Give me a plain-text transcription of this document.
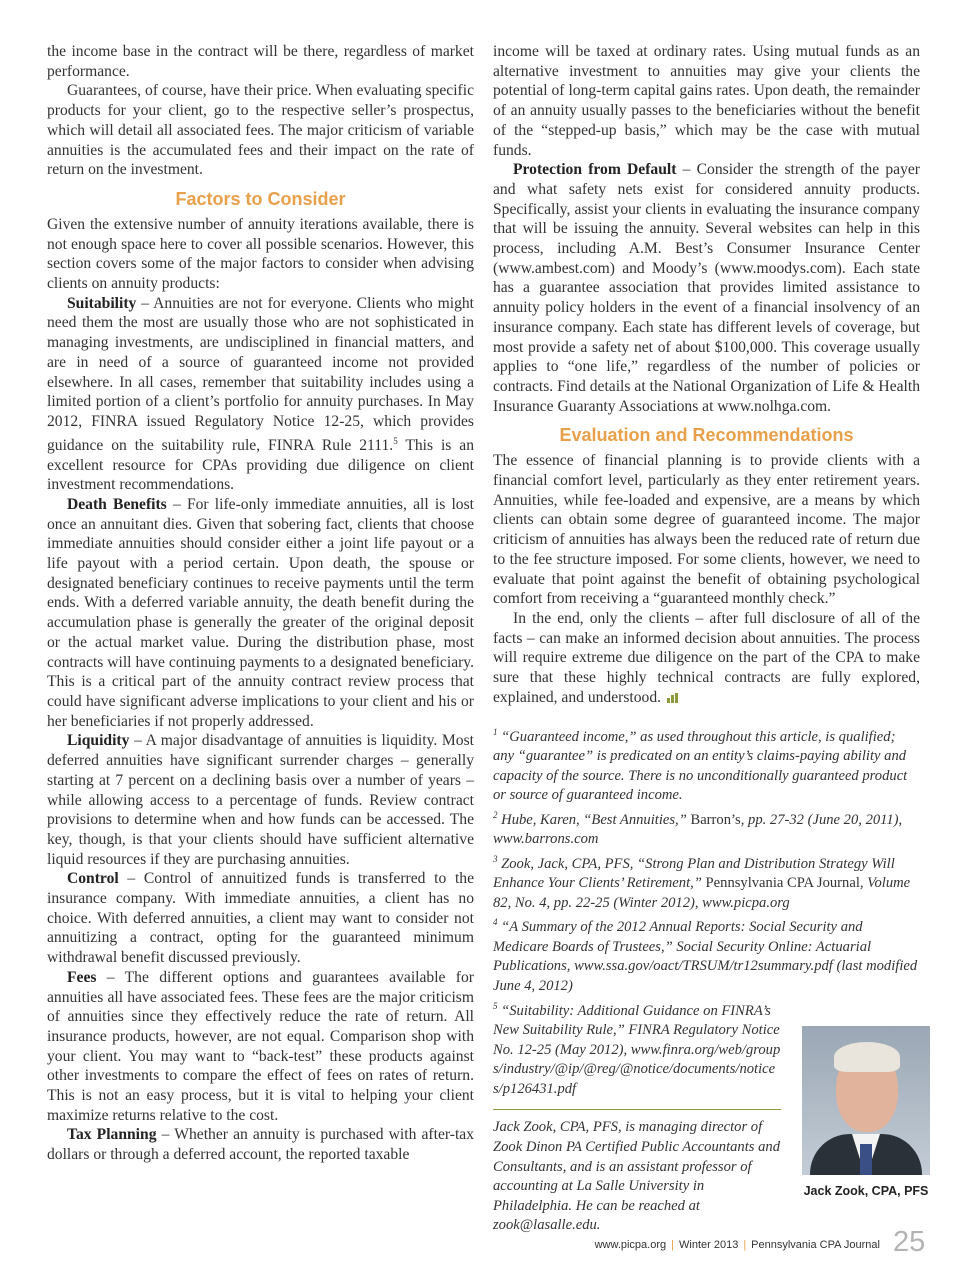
the income base in the contract will be there, regardless of market performance.

Guarantees, of course, have their price. When evaluating specific products for your client, go to the respective seller’s prospectus, which will detail all associated fees. The major criticism of variable annuities is the accumulated fees and their impact on the rate of return on the investment.

Factors to Consider

Given the extensive number of annuity iterations available, there is not enough space here to cover all possible scenarios. However, this section covers some of the major factors to consider when advising clients on annuity products:

Suitability – Annuities are not for everyone. Clients who might need them the most are usually those who are not sophisticated in managing investments, are undisciplined in financial matters, and are in need of a source of guaranteed income not provided elsewhere. In all cases, remember that suitability includes using a limited portion of a client’s portfolio for annuity purchases. In May 2012, FINRA issued Regulatory Notice 12-25, which provides guidance on the suitability rule, FINRA Rule 2111.$^5$ This is an excellent resource for CPAs providing due diligence on client investment recommendations.

Death Benefits – For life-only immediate annuities, all is lost once an annuitant dies. Given that sobering fact, clients that choose immediate annuities should consider either a joint life payout or a life payout with a period certain. Upon death, the spouse or designated beneficiary continues to receive payments until the term ends. With a deferred variable annuity, the death benefit during the accumulation phase is generally the greater of the original deposit or the actual market value. During the distribution phase, most contracts will have continuing payments to a designated beneficiary. This is a critical part of the annuity contract review process that could have significant adverse implications to your client and his or her beneficiaries if not properly addressed.

Liquidity – A major disadvantage of annuities is liquidity. Most deferred annuities have significant surrender charges – generally starting at 7 percent on a declining basis over a number of years – while allowing access to a percentage of funds. Review contract provisions to determine when and how funds can be accessed. The key, though, is that your clients should have sufficient alternative liquid resources if they are purchasing annuities.

Control – Control of annuitized funds is transferred to the insurance company. With immediate annuities, a client has no choice. With deferred annuities, a client may want to consider not annuitizing a contract, opting for the guaranteed minimum withdrawal benefit discussed previously.

Fees – The different options and guarantees available for annuities all have associated fees. These fees are the major criticism of annuities since they effectively reduce the rate of return. All insurance products, however, are not equal. Comparison shop with your client. You may want to “back-test” these products against other investments to compare the effect of fees on rates of return. This is not an easy process, but it is vital to helping your client maximize returns relative to the cost.

Tax Planning – Whether an annuity is purchased with after-tax dollars or through a deferred account, the reported taxable

income will be taxed at ordinary rates. Using mutual funds as an alternative investment to annuities may give your clients the potential of long-term capital gains rates. Upon death, the remainder of an annuity usually passes to the beneficiaries without the benefit of the “stepped-up basis,” which may be the case with mutual funds.

Protection from Default – Consider the strength of the payer and what safety nets exist for considered annuity products. Specifically, assist your clients in evaluating the insurance company that will be issuing the annuity. Several websites can help in this process, including A.M. Best’s Consumer Insurance Center (www.ambest.com) and Moody’s (www.moodys.com). Each state has a guarantee association that provides limited assistance to annuity policy holders in the event of a financial insolvency of an insurance company. Each state has different levels of coverage, but most provide a safety net of about $100,000. This coverage usually applies to “one life,” regardless of the number of policies or contracts. Find details at the National Organization of Life & Health Insurance Guaranty Associations at www.nolhga.com.

Evaluation and Recommendations

The essence of financial planning is to provide clients with a financial comfort level, particularly as they enter retirement years. Annuities, while fee-loaded and expensive, are a means by which clients can obtain some degree of guaranteed income. The major criticism of annuities has always been the reduced rate of return due to the fee structure imposed. For some clients, however, we need to evaluate that point against the benefit of obtaining psychological comfort from receiving a “guaranteed monthly check.”

In the end, only the clients – after full disclosure of all of the facts – can make an informed decision about annuities. The process will require extreme due diligence on the part of the CPA to make sure that these highly technical contracts are fully explored, explained, and understood.

$^1$ “Guaranteed income,” as used throughout this article, is qualified; any “guarantee” is predicated on an entity’s claims-paying ability and capacity of the source. There is no unconditionally guaranteed product or source of guaranteed income.

$^2$ Hube, Karen, “Best Annuities,” Barron’s, pp. 27-32 (June 20, 2011), www.barrons.com

$^3$ Zook, Jack, CPA, PFS, “Strong Plan and Distribution Strategy Will Enhance Your Clients’ Retirement,” Pennsylvania CPA Journal, Volume 82, No. 4, pp. 22-25 (Winter 2012), www.picpa.org

$^4$ “A Summary of the 2012 Annual Reports: Social Security and Medicare Boards of Trustees,” Social Security Online: Actuarial Publications, www.ssa.gov/oact/TRSUM/tr12summary.pdf (last modified June 4, 2012)

$^5$ “Suitability: Additional Guidance on FINRA’s New Suitability Rule,” FINRA Regulatory Notice No. 12-25 (May 2012), www.finra.org/web/groups/industry/@ip/@reg/@notice/documents/notices/p126431.pdf

Jack Zook, CPA, PFS, is managing director of Zook Dinon PA Certified Public Accountants and Consultants, and is an assistant professor of accounting at La Salle University in Philadelphia. He can be reached at zook@lasalle.edu.
Jack Zook, CPA, PFS
www.picpa.org | Winter 2013 | Pennsylvania CPA Journal 25
